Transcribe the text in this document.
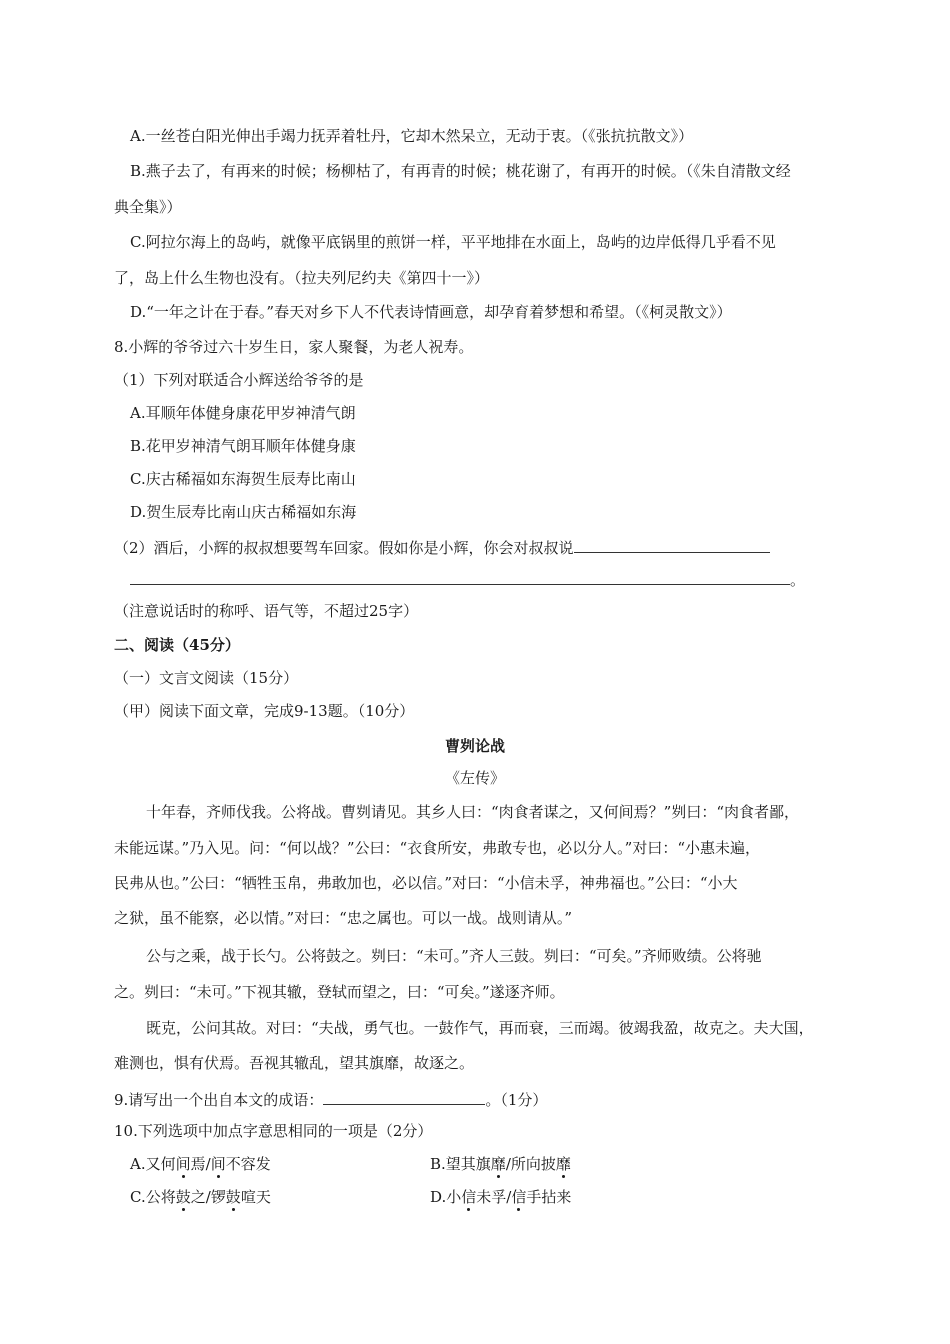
A.一丝苍白阳光伸出手竭力抚弄着牡丹，它却木然呆立，无动于衷。（《张抗抗散文》）
B.燕子去了，有再来的时候；杨柳枯了，有再青的时候；桃花谢了，有再开的时候。（《朱自清散文经
典全集》）
C.阿拉尔海上的岛屿，就像平底锅里的煎饼一样，平平地排在水面上，岛屿的边岸低得几乎看不见
了，岛上什么生物也没有。（拉夫列尼约夫《第四十一》）
D.“一年之计在于春。”春天对乡下人不代表诗情画意，却孕育着梦想和希望。（《柯灵散文》）
8.小辉的爷爷过六十岁生日，家人聚餐，为老人祝寿。
（1）下列对联适合小辉送给爷爷的是
A.耳顺年体健身康花甲岁神清气朗
B.花甲岁神清气朗耳顺年体健身康
C.庆古稀福如东海贺生辰寿比南山
D.贺生辰寿比南山庆古稀福如东海
（2）酒后，小辉的叔叔想要驾车回家。假如你是小辉，你会对叔叔说
。
（注意说话时的称呼、语气等，不超过25字）
二、阅读（45分）
（一）文言文阅读（15分）
（甲）阅读下面文章，完成9-13题。（10分）
曹刿论战
《左传》
十年春，齐师伐我。公将战。曹刿请见。其乡人曰：“肉食者谋之，又何间焉？”刿曰：“肉食者鄙，
未能远谋。”乃入见。问：“何以战？”公曰：“衣食所安，弗敢专也，必以分人。”对曰：“小惠未遍，
民弗从也。”公曰：“牺牲玉帛，弗敢加也，必以信。”对曰：“小信未孚，神弗福也。”公曰：“小大
之狱，虽不能察，必以情。”对曰：“忠之属也。可以一战。战则请从。”
公与之乘，战于长勺。公将鼓之。刿曰：“未可。”齐人三鼓。刿曰：“可矣。”齐师败绩。公将驰
之。刿曰：“未可。”下视其辙，登轼而望之，曰：“可矣。”遂逐齐师。
既克，公问其故。对曰：“夫战，勇气也。一鼓作气，再而衰，三而竭。彼竭我盈，故克之。夫大国，
难测也，惧有伏焉。吾视其辙乱，望其旗靡，故逐之。
9.请写出一个出自本文的成语：	。（1分）
10.下列选项中加点字意思相同的一项是（2分）
A.又何间焉/间不容发	B.望其旗靡/所向披靡
C.公将鼓之/锣鼓喧天	D.小信未孚/信手拈来
